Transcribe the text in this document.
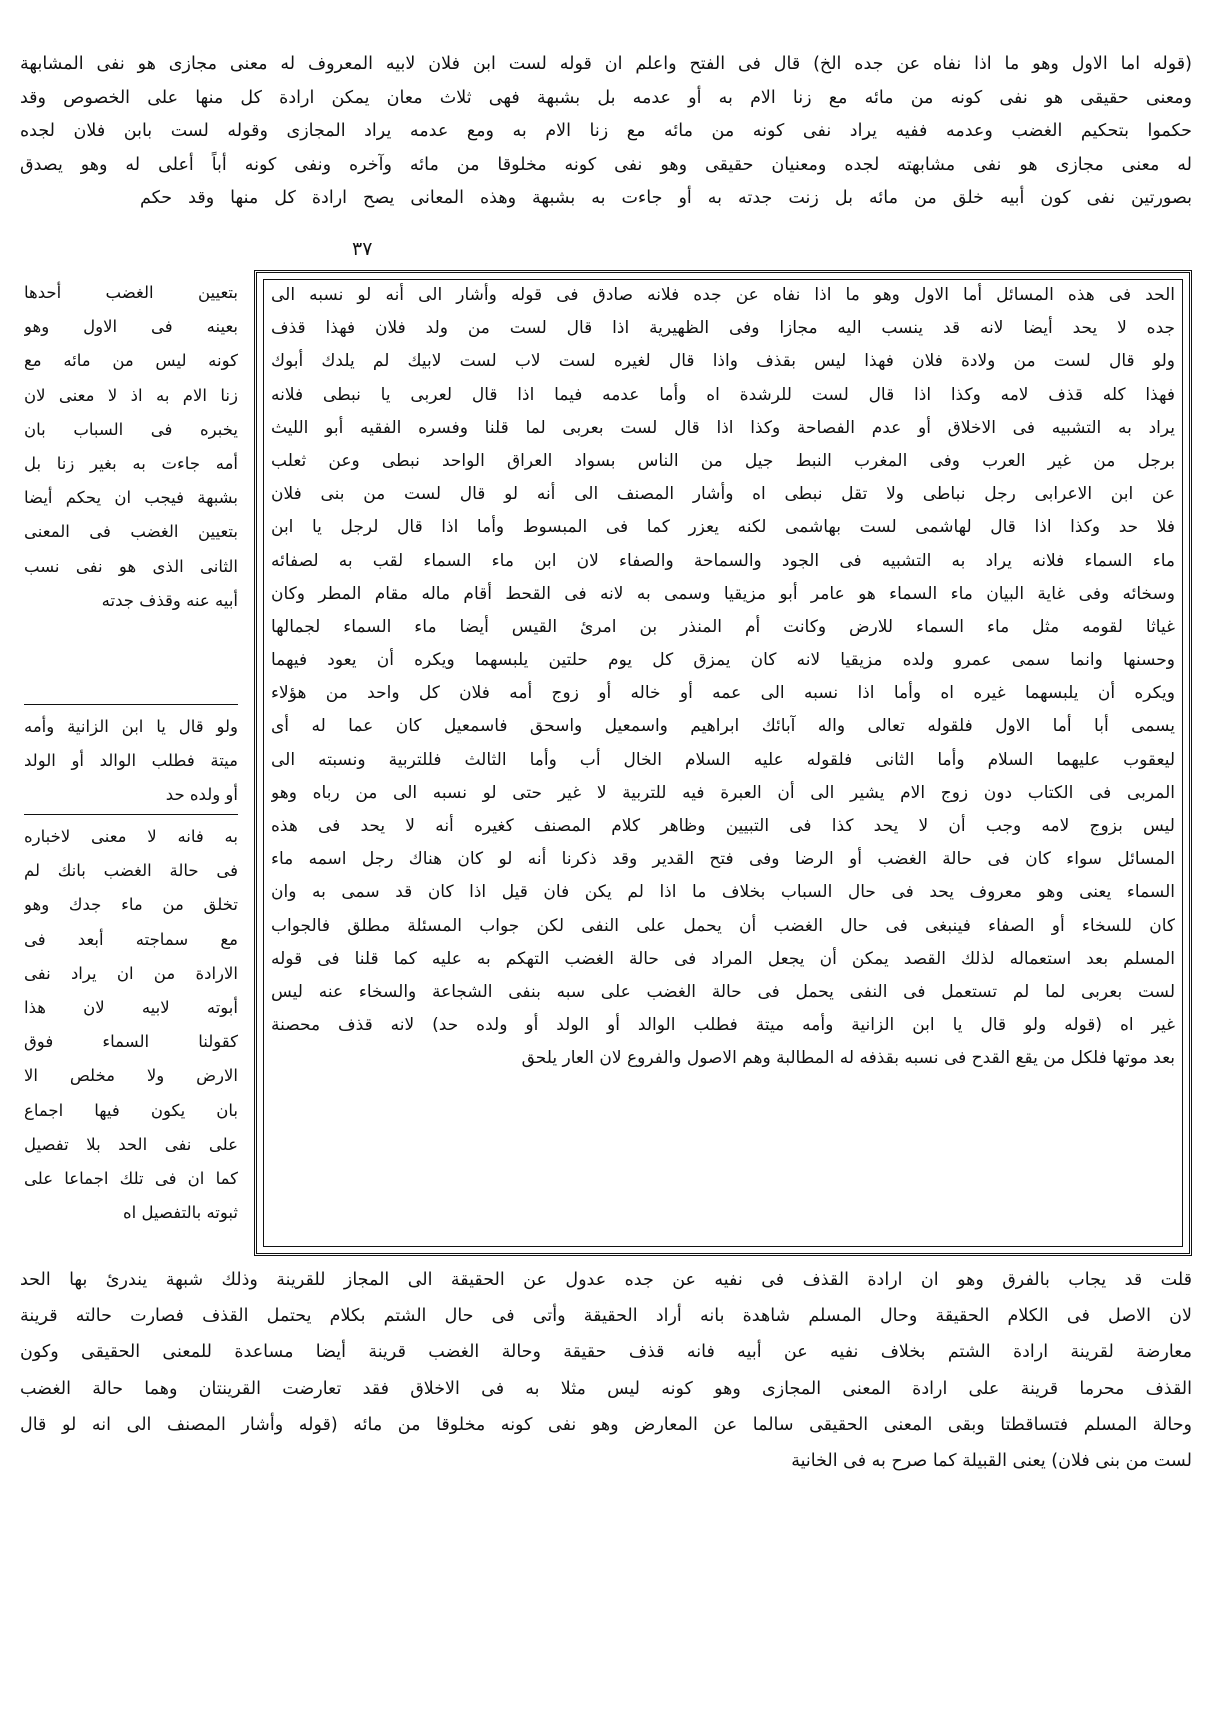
(قوله اما الاول وهو ما اذا نفاه عن جده الخ) قال فى الفتح واعلم ان قوله لست ابن فلان لابيه المعروف له معنى مجازى هو نفى المشابهة

ومعنى حقيقى هو نفى كونه من مائه مع زنا الام به أو عدمه بل بشبهة فهى ثلاث معان يمكن ارادة كل منها على الخصوص وقد

حكموا بتحكيم الغضب وعدمه ففيه يراد نفى كونه من مائه مع زنا الام به ومع عدمه يراد المجازى وقوله لست بابن فلان لجده

له معنى مجازى هو نفى مشابهته لجده ومعنيان حقيقى وهو نفى كونه مخلوقا من مائه وآخره ونفى كونه أباً أعلى له وهو يصدق

بصورتين نفى كون أبيه خلق من مائه بل زنت جدته به أو جاءت به بشبهة وهذه المعانى يصح ارادة كل منها وقد حكم

٣٧

الحد فى هذه المسائل أما الاول وهو ما اذا نفاه عن جده فلانه صادق فى قوله وأشار الى أنه لو نسبه الى

جده لا يحد أيضا لانه قد ينسب اليه مجازا وفى الظهيرية اذا قال لست من ولد فلان فهذا قذف

ولو قال لست من ولادة فلان فهذا ليس بقذف واذا قال لغيره لست لاب لست لابيك لم يلدك أبوك

فهذا كله قذف لامه وكذا اذا قال لست للرشدة اه وأما عدمه فيما اذا قال لعربى يا نبطى فلانه

يراد به التشبيه فى الاخلاق أو عدم الفصاحة وكذا اذا قال لست بعربى لما قلنا وفسره الفقيه أبو الليث

برجل من غير العرب وفى المغرب النبط جيل من الناس بسواد العراق الواحد نبطى وعن ثعلب

عن ابن الاعرابى رجل نباطى ولا تقل نبطى اه وأشار المصنف الى أنه لو قال لست من بنى فلان

فلا حد وكذا اذا قال لهاشمى لست بهاشمى لكنه يعزر كما فى المبسوط وأما اذا قال لرجل يا ابن

ماء السماء فلانه يراد به التشبيه فى الجود والسماحة والصفاء لان ابن ماء السماء لقب به لصفائه

وسخائه وفى غاية البيان ماء السماء هو عامر أبو مزيقيا وسمى به لانه فى القحط أقام ماله مقام المطر وكان

غياثا لقومه مثل ماء السماء للارض وكانت أم المنذر بن امرئ القيس أيضا ماء السماء لجمالها

وحسنها وانما سمى عمرو ولده مزيقيا لانه كان يمزق كل يوم حلتين يلبسهما ويكره أن يعود فيهما

ويكره أن يلبسهما غيره اه وأما اذا نسبه الى عمه أو خاله أو زوج أمه فلان كل واحد من هؤلاء

يسمى أبا أما الاول فلقوله تعالى واله آبائك ابراهيم واسمعيل واسحق فاسمعيل كان عما له أى

ليعقوب عليهما السلام وأما الثانى فلقوله عليه السلام الخال أب وأما الثالث فللتربية ونسبته الى

المربى فى الكتاب دون زوج الام يشير الى أن العبرة فيه للتربية لا غير حتى لو نسبه الى من رباه وهو

ليس بزوج لامه وجب أن لا يحد كذا فى التبيين وظاهر كلام المصنف كغيره أنه لا يحد فى هذه

المسائل سواء كان فى حالة الغضب أو الرضا وفى فتح القدير وقد ذكرنا أنه لو كان هناك رجل اسمه ماء

السماء يعنى وهو معروف يحد فى حال السباب بخلاف ما اذا لم يكن فان قيل اذا كان قد سمى به وان

كان للسخاء أو الصفاء فينبغى فى حال الغضب أن يحمل على النفى لكن جواب المسئلة مطلق فالجواب

المسلم بعد استعماله لذلك القصد يمكن أن يجعل المراد فى حالة الغضب التهكم به عليه كما قلنا فى قوله

لست بعربى لما لم تستعمل فى النفى يحمل فى حالة الغضب على سبه بنفى الشجاعة والسخاء عنه ليس

غير اه (قوله ولو قال يا ابن الزانية وأمه ميتة فطلب الوالد أو الولد أو ولده حد) لانه قذف محصنة

بعد موتها فلكل من يقع القدح فى نسبه بقذفه له المطالبة وهم الاصول والفروع لان العار يلحق

بتعيين الغضب أحدها

بعينه فى الاول وهو

كونه ليس من مائه مع

زنا الام به اذ لا معنى لان

يخبره فى السباب بان

أمه جاءت به بغير زنا بل

بشبهة فيجب ان يحكم أيضا

بتعيين الغضب فى المعنى

الثانى الذى هو نفى نسب

أبيه عنه وقذف جدته

ولو قال يا ابن الزانية وأمه

ميتة فطلب الوالد أو الولد

أو ولده حد

به فانه لا معنى لاخباره

فى حالة الغضب بانك لم

تخلق من ماء جدك وهو

مع سماجته أبعد فى

الارادة من ان يراد نفى

أبوته لابيه لان هذا

كقولنا السماء فوق

الارض ولا مخلص الا

بان يكون فيها اجماع

على نفى الحد بلا تفصيل

كما ان فى تلك اجماعا على

ثبوته بالتفصيل اه

قلت قد يجاب بالفرق وهو ان ارادة القذف فى نفيه عن جده عدول عن الحقيقة الى المجاز للقرينة وذلك شبهة يندرئ بها الحد

لان الاصل فى الكلام الحقيقة وحال المسلم شاهدة بانه أراد الحقيقة وأتى فى حال الشتم بكلام يحتمل القذف فصارت حالته قرينة

معارضة لقرينة ارادة الشتم بخلاف نفيه عن أبيه فانه قذف حقيقة وحالة الغضب قرينة أيضا مساعدة للمعنى الحقيقى وكون

القذف محرما قرينة على ارادة المعنى المجازى وهو كونه ليس مثلا به فى الاخلاق فقد تعارضت القرينتان وهما حالة الغضب

وحالة المسلم فتساقطتا وبقى المعنى الحقيقى سالما عن المعارض وهو نفى كونه مخلوقا من مائه (قوله وأشار المصنف الى انه لو قال

لست من بنى فلان) يعنى القبيلة كما صرح به فى الخانية
